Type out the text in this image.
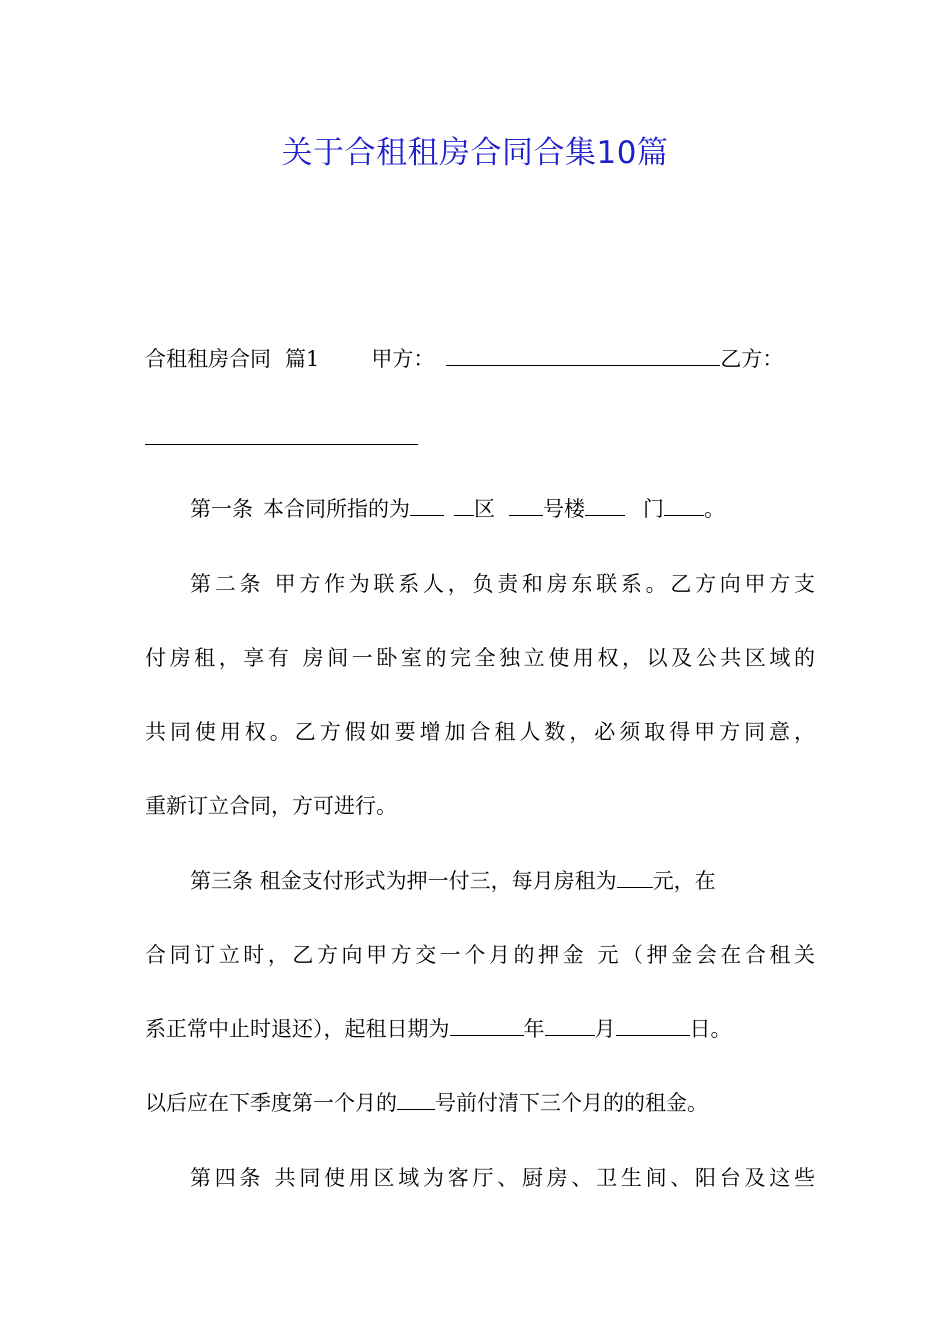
关于合租租房合同合集10篇
合租租房合同 篇1 甲方：	乙方：
第一条 本合同所指的为	区 号楼	门 。
第二条 甲方作为联系人，负责和房东联系。乙方向甲方支
付房租，享有 房间一卧室的完全独立使用权，以及公共区域的
共同使用权。乙方假如要增加合租人数，必须取得甲方同意，
重新订立合同，方可进行。
第三条 租金支付形式为押一付三，每月房租为 元，在
合同订立时，乙方向甲方交一个月的押金 元（押金会在合租关
系正常中止时退还），起租日期为	年 月	日。
以后应在下季度第一个月的 号前付清下三个月的的租金。
第四条 共同使用区域为客厅、厨房、卫生间、阳台及这些
